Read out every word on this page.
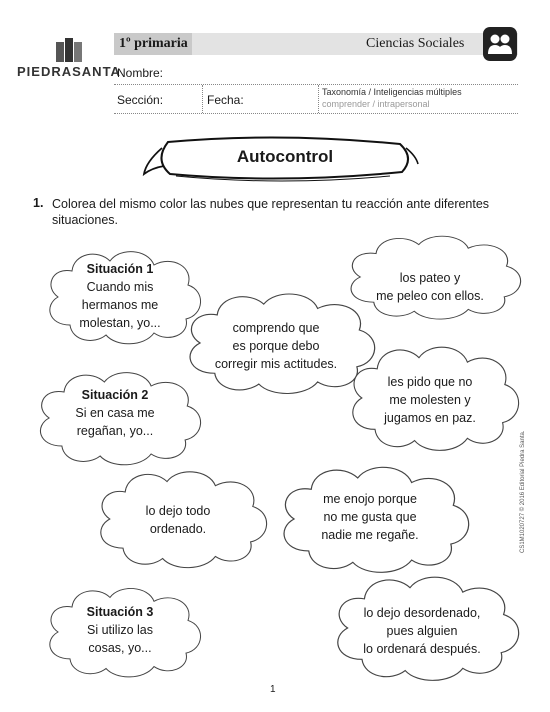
PIEDRASANTA
1º primaria	Ciencias Sociales
Nombre:
Sección:	Fecha:
Taxonomía / Inteligencias múltiples
comprender / intrapersonal
Autocontrol
1. Colorea del mismo color las nubes que representan tu reacción ante diferentes situaciones.
Situación 1
Cuando mis
hermanos me
molestan, yo...
los pateo y
me peleo con ellos.
comprendo que
es porque debo
corregir mis actitudes.
Situación 2
Si en casa me
regañan, yo...
les pido que no
me molesten y
jugamos en paz.
lo dejo todo
ordenado.
me enojo porque
no me gusta que
nadie me regañe.
Situación 3
Si utilizo las
cosas, yo...
lo dejo desordenado,
pues alguien
lo ordenará después.
CS1M1020727 © 2016 Editorial Piedra Santa.
1
